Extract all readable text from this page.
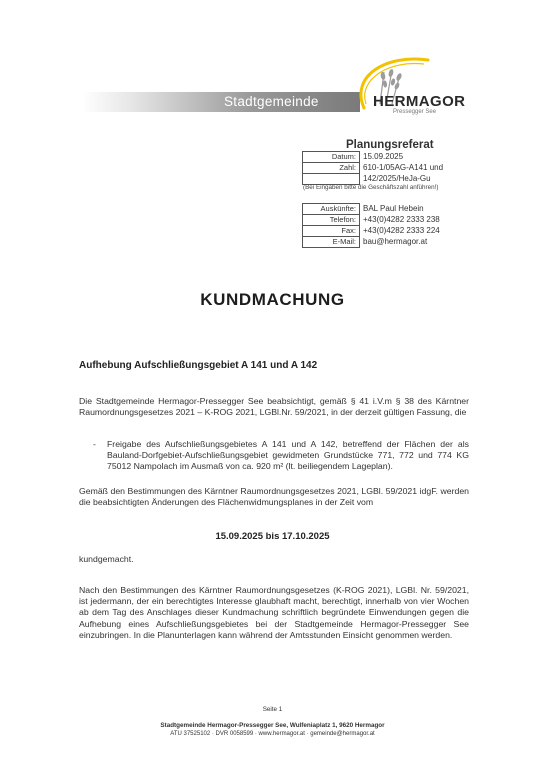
Stadtgemeinde	HERMAGOR
Pressegger See
Planungsreferat
Datum:	15.09.2025
Zahl:	610-1/05AG-A141 und
	142/2025/HeJa-Gu
(Bei Eingaben bitte die Geschäftszahl anführen!)
Auskünfte:	BAL Paul Hebein
Telefon:	+43(0)4282 2333 238
Fax:	+43(0)4282 2333 224
E-Mail:	bau@hermagor.at
KUNDMACHUNG
Aufhebung Aufschließungsgebiet A 141 und A 142
Die Stadtgemeinde Hermagor-Pressegger See beabsichtigt, gemäß § 41 i.V.m § 38 des Kärntner Raumordnungsgesetzes 2021 – K-ROG 2021, LGBl.Nr. 59/2021, in der derzeit gültigen Fassung, die
- Freigabe des Aufschließungsgebietes A 141 und A 142, betreffend der Flächen der als Bauland-Dorfgebiet-Aufschließungsgebiet gewidmeten Grundstücke 771, 772 und 774 KG 75012 Nampolach im Ausmaß von ca. 920 m² (lt. beiliegendem Lageplan).
Gemäß den Bestimmungen des Kärntner Raumordnungsgesetzes 2021, LGBl. 59/2021 idgF. werden die beabsichtigten Änderungen des Flächenwidmungsplanes in der Zeit vom
15.09.2025 bis 17.10.2025
kundgemacht.
Nach den Bestimmungen des Kärntner Raumordnungsgesetzes (K-ROG 2021), LGBl. Nr. 59/2021, ist jedermann, der ein berechtigtes Interesse glaubhaft macht, berechtigt, innerhalb von vier Wochen ab dem Tag des Anschlages dieser Kundmachung schriftlich begründete Einwendungen gegen die Aufhebung eines Aufschließungsgebietes bei der Stadtgemeinde Hermagor-Pressegger See einzubringen. In die Planunterlagen kann während der Amtsstunden Einsicht genommen werden.
Seite 1
Stadtgemeinde Hermagor-Pressegger See, Wulfeniaplatz 1, 9620 Hermagor
ATU 37525102 · DVR 0058599 · www.hermagor.at · gemeinde@hermagor.at
